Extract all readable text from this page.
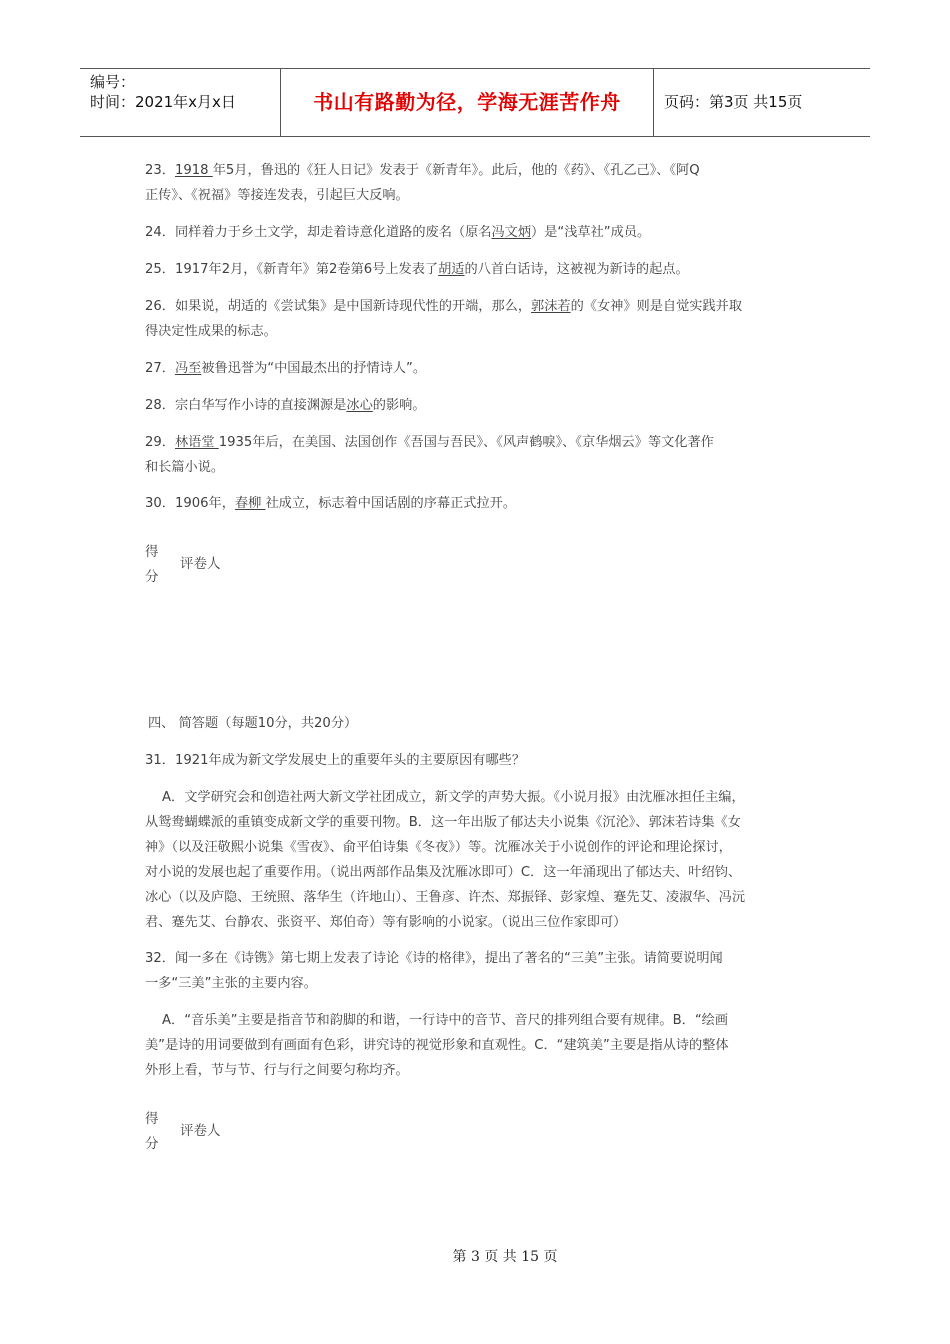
编号：
时间：2021年x月x日	书山有路勤为径，学海无涯苦作舟	页码：第3页 共15页
23．1918 年5月，鲁迅的《狂人日记》发表于《新青年》。此后，他的《药》、《孔乙己》、《阿Q
正传》、《祝福》等接连发表，引起巨大反响。
24．同样着力于乡土文学，却走着诗意化道路的废名（原名冯文炳）是“浅草社”成员。
25．1917年2月，《新青年》第2卷第6号上发表了胡适的八首白话诗，这被视为新诗的起点。
26．如果说，胡适的《尝试集》是中国新诗现代性的开端，那么，郭沫若的《女神》则是自觉实践并取
得决定性成果的标志。
27．冯至被鲁迅誉为“中国最杰出的抒情诗人”。
28．宗白华写作小诗的直接渊源是冰心的影响。
29．林语堂 1935年后，在美国、法国创作《吾国与吾民》、《风声鹤唳》、《京华烟云》等文化著作
和长篇小说。
30．1906年，春柳 社成立，标志着中国话剧的序幕正式拉开。
得
分
评卷人
四、 简答题（每题10分，共20分）
31．1921年成为新文学发展史上的重要年头的主要原因有哪些？
A．文学研究会和创造社两大新文学社团成立，新文学的声势大振。《小说月报》由沈雁冰担任主编，
从鸳鸯蝴蝶派的重镇变成新文学的重要刊物。B．这一年出版了郁达夫小说集《沉沦》、郭沫若诗集《女
神》（以及汪敬熙小说集《雪夜》、俞平伯诗集《冬夜》）等。沈雁冰关于小说创作的评论和理论探讨，
对小说的发展也起了重要作用。（说出两部作品集及沈雁冰即可）C．这一年涌现出了郁达夫、叶绍钧、
冰心（以及庐隐、王统照、落华生（许地山）、王鲁彦、许杰、郑振铎、彭家煌、蹇先艾、凌淑华、冯沅
君、蹇先艾、台静农、张资平、郑伯奇）等有影响的小说家。（说出三位作家即可）
32．闻一多在《诗镌》第七期上发表了诗论《诗的格律》，提出了著名的“三美”主张。请简要说明闻
一多“三美”主张的主要内容。
A．“音乐美”主要是指音节和韵脚的和谐，一行诗中的音节、音尺的排列组合要有规律。B．“绘画
美”是诗的用词要做到有画面有色彩，讲究诗的视觉形象和直观性。C．“建筑美”主要是指从诗的整体
外形上看，节与节、行与行之间要匀称均齐。
得
分
评卷人
第 3 页 共 15 页
